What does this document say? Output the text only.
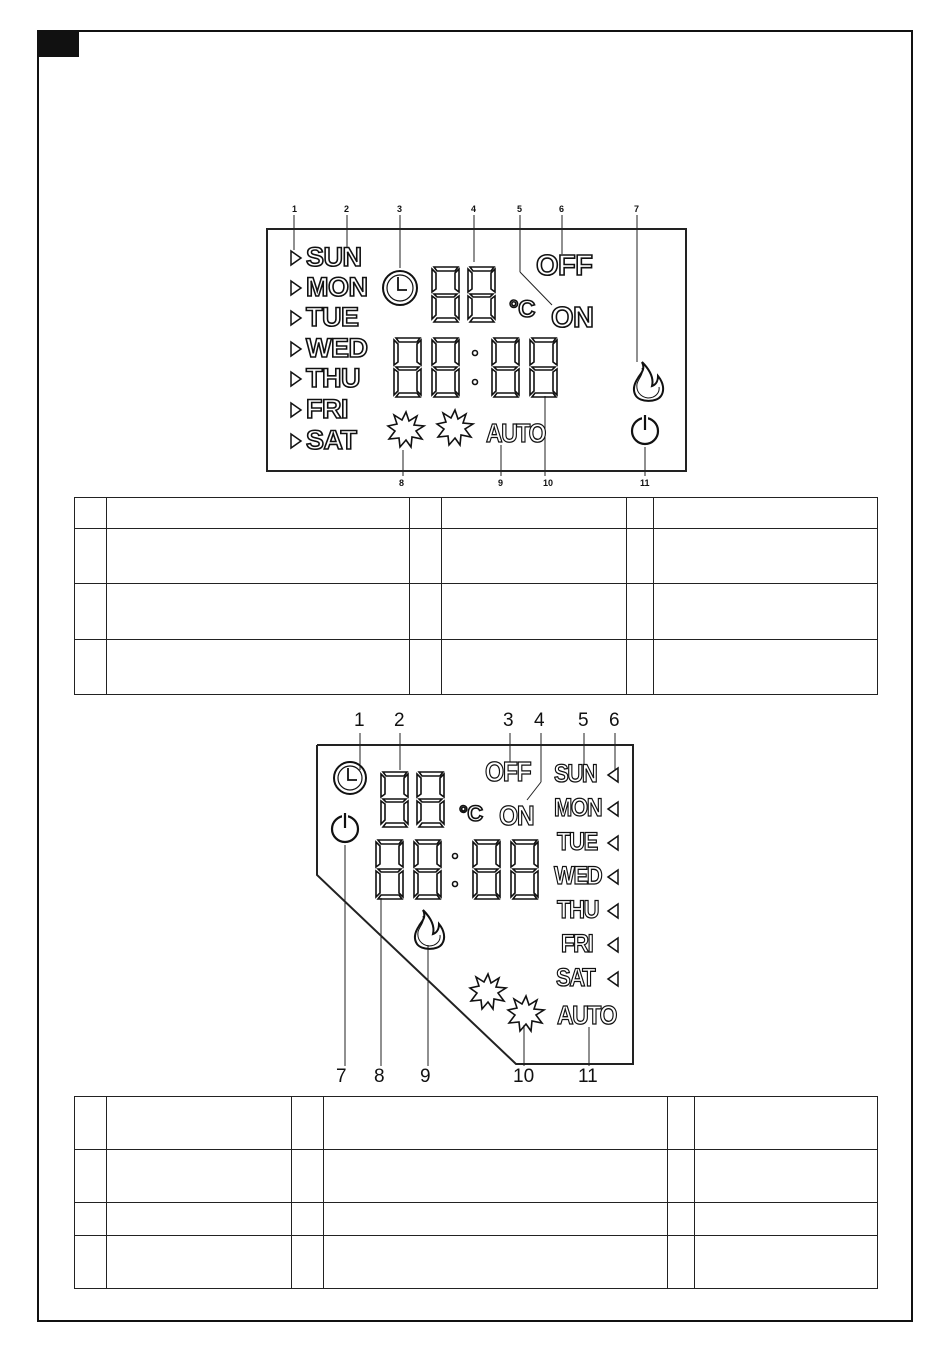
1	2	3	4	5	6	7
8	9	10	11
SUN
MON
TUE
WED
THU
FRI
SAT
°C
OFF
ON
AUTO

1 2	3 4 5 6
7 8 9	10 11
°C
OFF
ON
SUN
MON
TUE
WED
THU
FRI
SAT
AUTO
